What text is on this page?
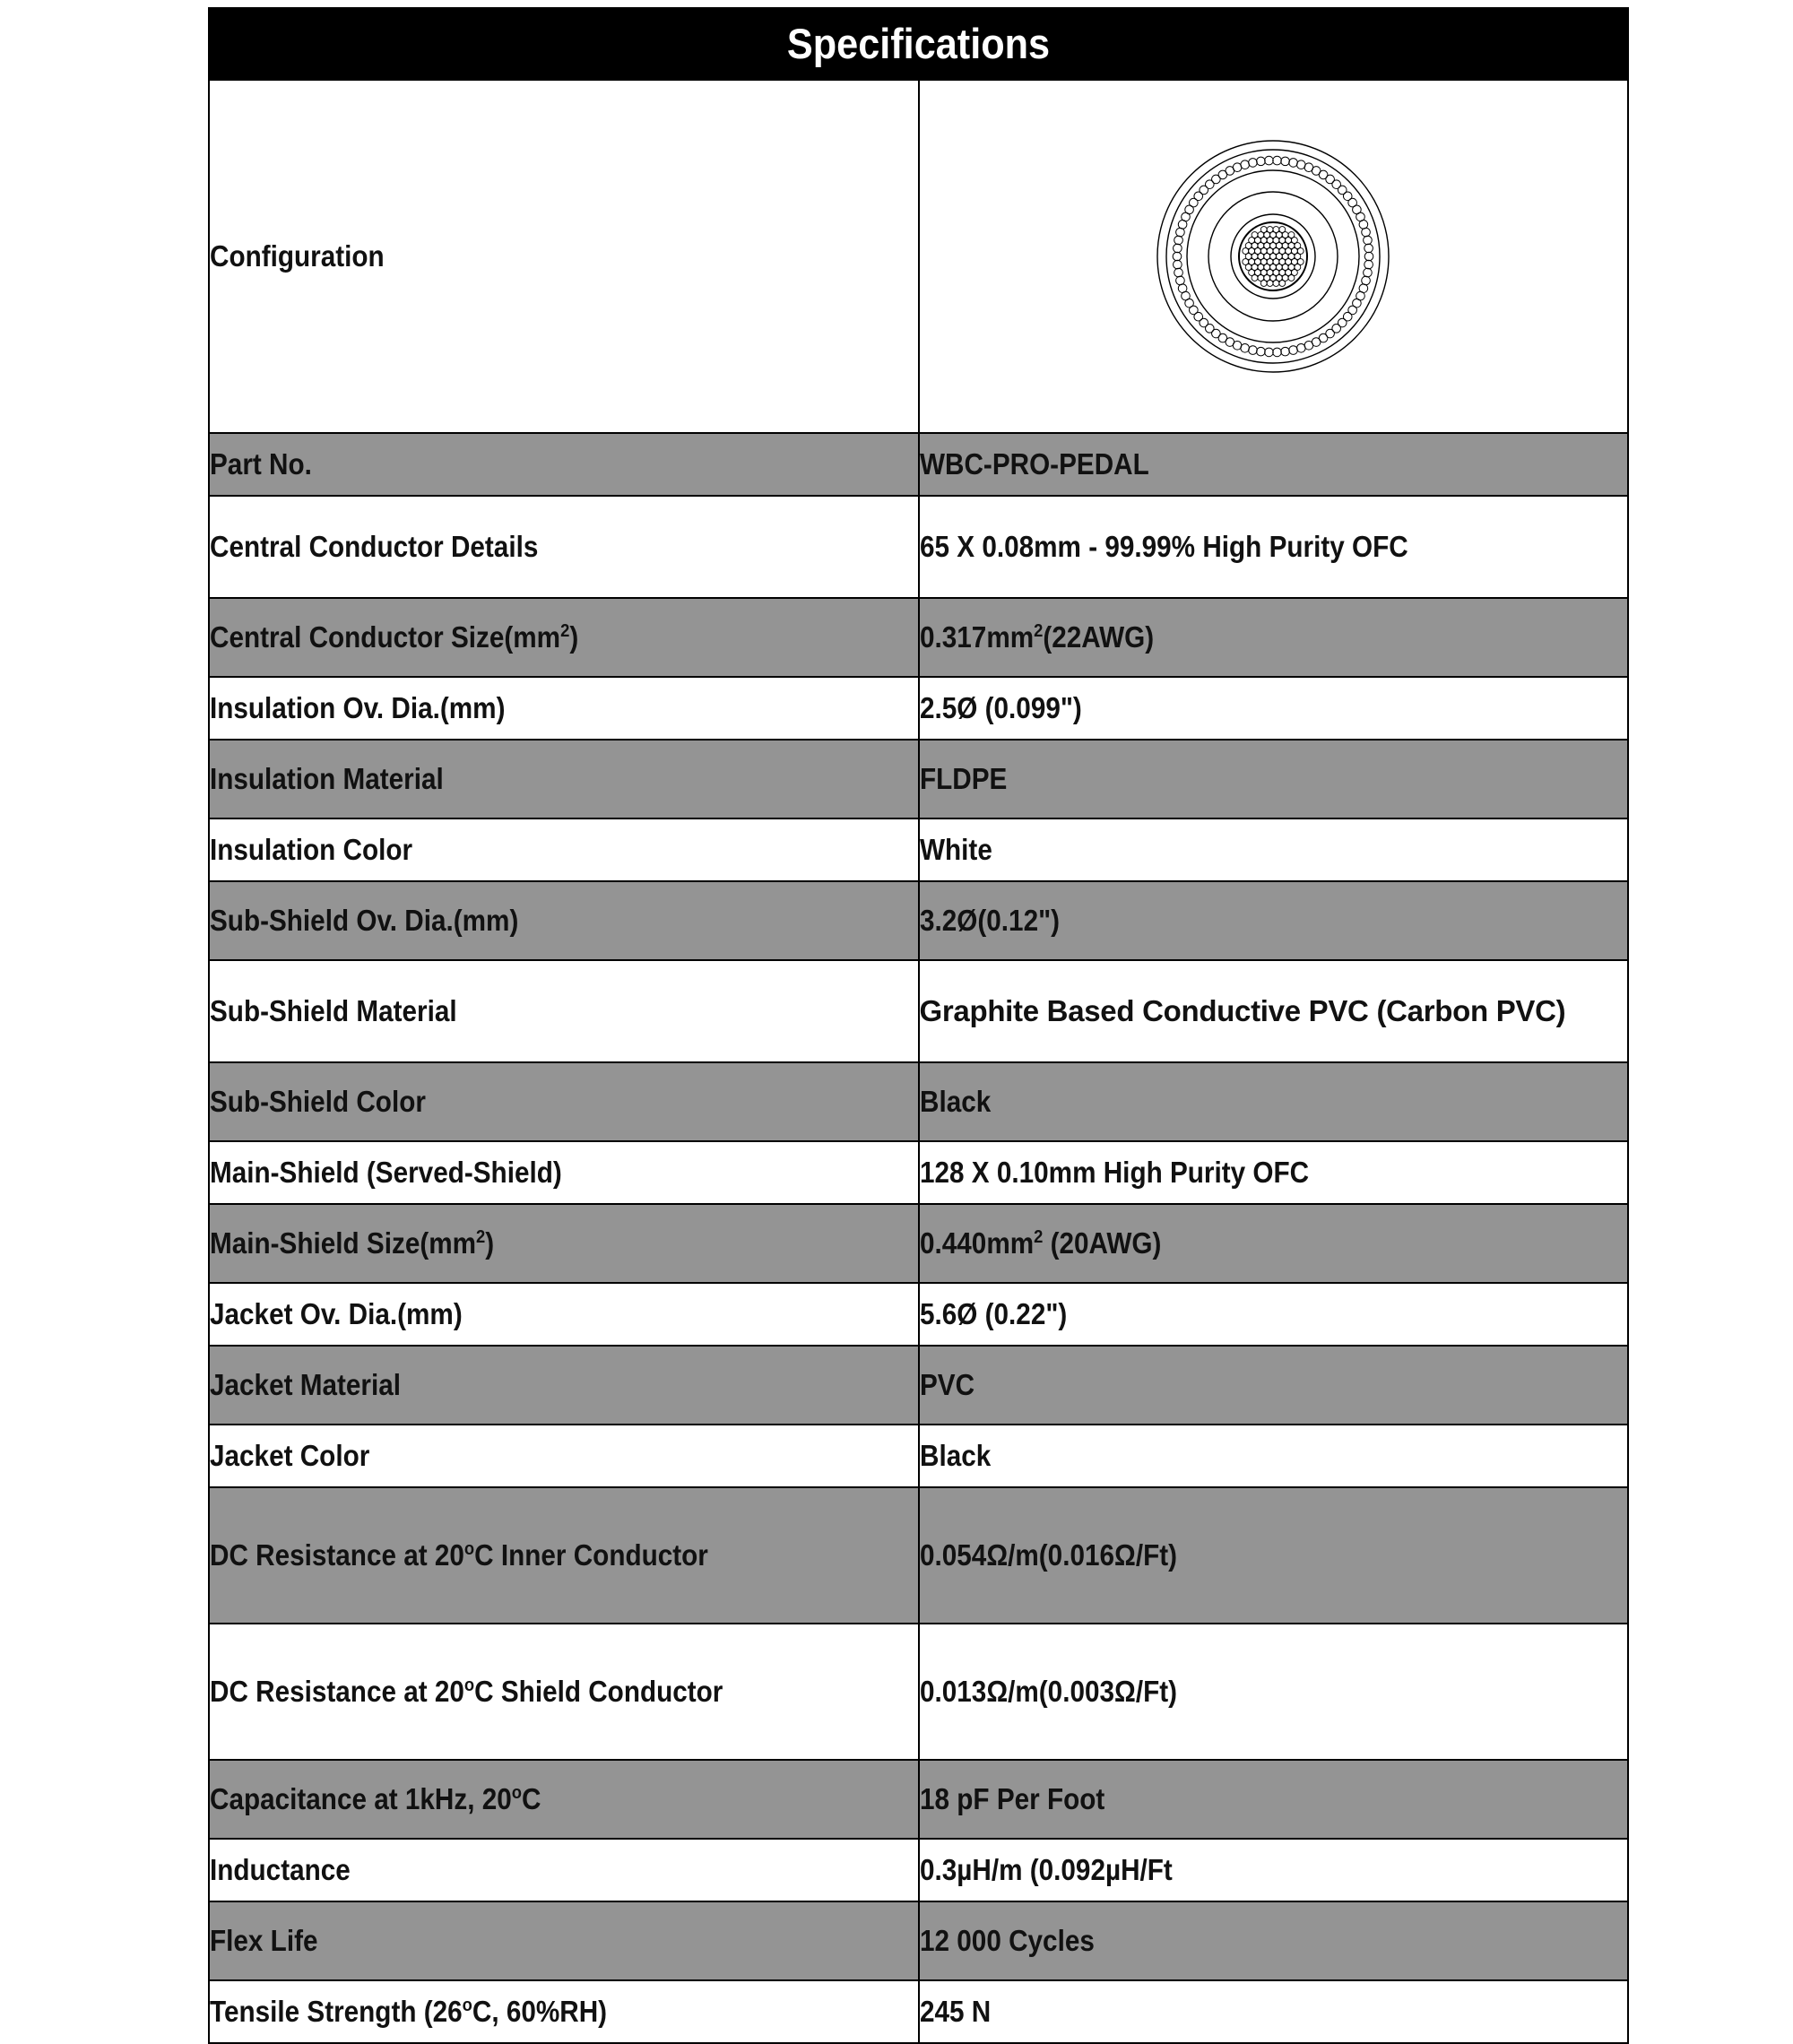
Specifications	

Configuration

Part No.	WBC-PRO-PEDAL

Central Conductor Details	65 X 0.08mm - 99.99% High Purity OFC

Central Conductor $Size(mm^2)$	$0.317mm^2(22AWG)$

Insulation Ov. Dia.(mm)	2.5Ø (0.099")

Insulation Material	FLDPE

Insulation Color	White

Sub-Shield Ov. Dia.(mm)	3.2Ø(0.12")

Sub-Shield Material	Graphite Based Conductive PVC (Carbon PVC)

Sub-Shield Color	Black

Main-Shield (Served-Shield)	128 X 0.10mm High Purity OFC

Main-Shield $Size(mm^2)$	$0.440mm^2$ (20AWG)

Jacket Ov. Dia.(mm)	5.6Ø (0.22")

Jacket Material	PVC

Jacket Color	Black

DC Resistance at 20$^o$C Inner Conductor	0.054Ω/m(0.016Ω/Ft)

DC Resistance at 20$^o$C Shield Conductor	0.013Ω/m(0.003Ω/Ft)

Capacitance at 1kHz, 20$^o$C	18 pF Per Foot

Inductance	0.3µH/m (0.092µH/Ft

Flex Life	12 000 Cycles

Tensile Strength (26$^o$C, 60%RH)	245 N
